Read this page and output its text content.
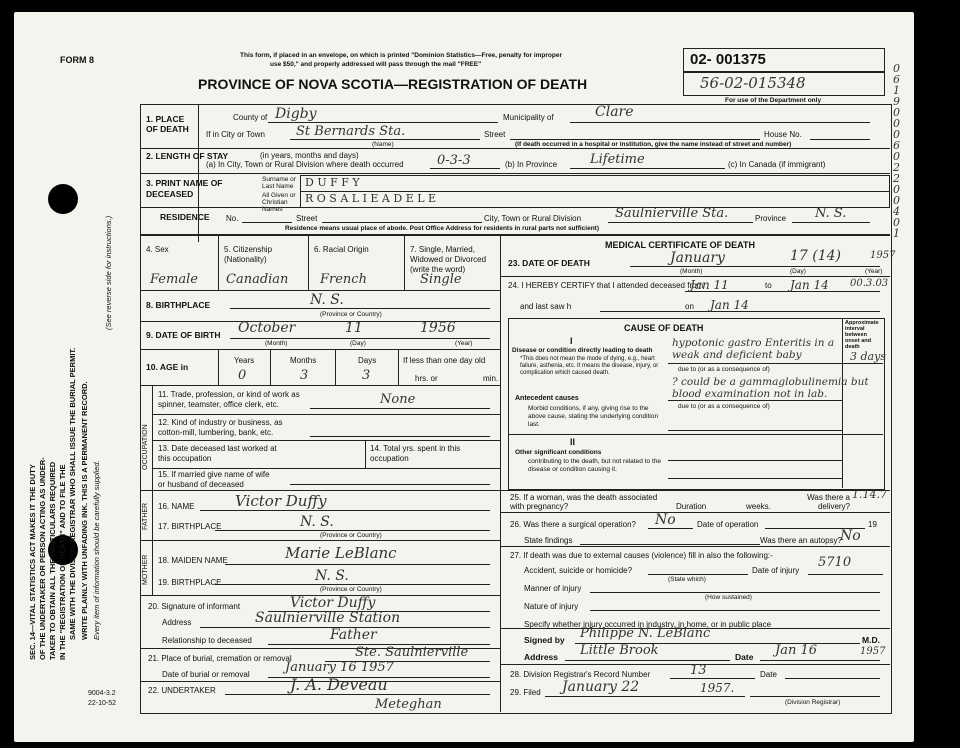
SEC. 14—VITAL STATISTICS ACT MAKES IT THE DUTY OF THE UNDERTAKER OR PERSON ACTING AS UNDER- TAKER TO OBTAIN ALL THE PARTICULARS REQUIRED IN THE "REGISTRATION OF DEATH" AND TO FILE THE SAME WITH THE DIVISION REGISTRAR WHO SHALL ISSUE THE BURIAL PERMIT. WRITE PLAINLY WITH UNFADING INK. THIS IS A PERMANENT RECORD. Every item of information should be carefully supplied.
(See reverse side for instructions.)
FORM 8	This form, if placed in an envelope, on which is printed "Dominion Statistics—Free, penalty for improper
use $50," and properly addressed will pass through the mail "FREE"
PROVINCE OF NOVA SCOTIA—REGISTRATION OF DEATH
02- 001375
56-02-015348
For use of the Department only
1. PLACE OF DEATH
County of Digby	Municipality of	Clare
If in City or Town St Bernards Sta.
(Name)
Street	House No.
(If death occurred in a hospital or institution, give the name instead of street and number)
2. LENGTH OF STAY	(in years, months and days)
(a) In City, Town or Rural Division where death occurred	0-3-3	(b) In Province	Lifetime	(c) In Canada (if immigrant)
3. PRINT NAME OF DECEASED
Surname or Last Name	D U F F Y
All Given or Christian Names
R O S A L I E A D E L E
RESIDENCE No.	Street	City, Town or Rural Division	Saulnierville Sta.	Province N. S.
Residence means usual place of abode. Post Office Address for residents in rural parts not sufficient)
4. Sex
Female
5. Citizenship (Nationality)
Canadian
6. Racial Origin
French
7. Single, Married, Widowed or Divorced (write the word)
Single
8. BIRTHPLACE	N. S.
(Province or Country)
9. DATE OF BIRTH October	11	1956
(Month)	(Day)	(Year)
10. AGE in
Years	Months	Days
0	3	3
If less than one day old
hrs. or	min.
OCCUPATION
11. Trade, profession, or kind of work as spinner, teamster, office clerk, etc.	None
12. Kind of industry or business, as cotton-mill, lumbering, bank, etc.
13. Date deceased last worked at this occupation
14. Total yrs. spent in this occupation
15. If married give name of wife or husband of deceased
FATHER 16. NAME	Victor Duffy
17. BIRTHPLACE	N. S.
(Province or Country)
MOTHER 18. MAIDEN NAME	Marie LeBlanc
19. BIRTHPLACE	N. S.
(Province or Country)
20. Signature of informant	Victor Duffy
Address	Saulnierville Station
Relationship to deceased	Father
21. Place of burial, cremation or removal	Ste. Saulnierville
Date of burial or removal	January 16 1957
22. UNDERTAKER	J. A. Deveau
Meteghan
MEDICAL CERTIFICATE OF DEATH
23. DATE OF DEATH	January	17 (14)	1957
(Month)	(Day)	(Year)
24. I HEREBY CERTIFY that I attended deceased from
Jan 11	to Jan 14
and last saw h	on Jan 14
CAUSE OF DEATH	Approximate interval between onset and death
I
Disease or condition directly leading to death
*This does not mean the mode of dying, e.g., heart failure, asthenia, etc. It means the disease, injury, or complication which caused death.
hypotonic gastro Enteritis in a weak and deficient baby	3 days
due to (or as a consequence of)
Antecedent causes
Morbid conditions, if any, giving rise to the above cause, stating the underlying condition last.
? could be a gammaglobulinemia but blood examination not in lab.
due to (or as a consequence of)
II
Other significant conditions
contributing to the death, but not related to the disease or condition causing it.
25. If a woman, was the death associated with pregnancy?	Duration	weeks.
Was there a delivery?
1.14.7
26. Was there a surgical operation? No	Date of operation	19
State findings	Was there an autopsy?
No
27. If death was due to external causes (violence) fill in also the following:-
Accident, suicide or homicide?
(State which)
Date of injury
5710
Manner of injury
(How sustained)
Nature of injury
Specify whether injury occurred in industry, in home, or in public place
Signed by Philippe N. LeBlanc	M.D.
Address Little Brook	Date Jan 16	1957
28. Division Registrar's Record Number	13	Date
29. Filed January 22	1957.
(Division Registrar)
00.3.03
9004-3.2
22-10-52
0
6
1
9
0
0
0
6
0
2
2
0
0
4
0
1
